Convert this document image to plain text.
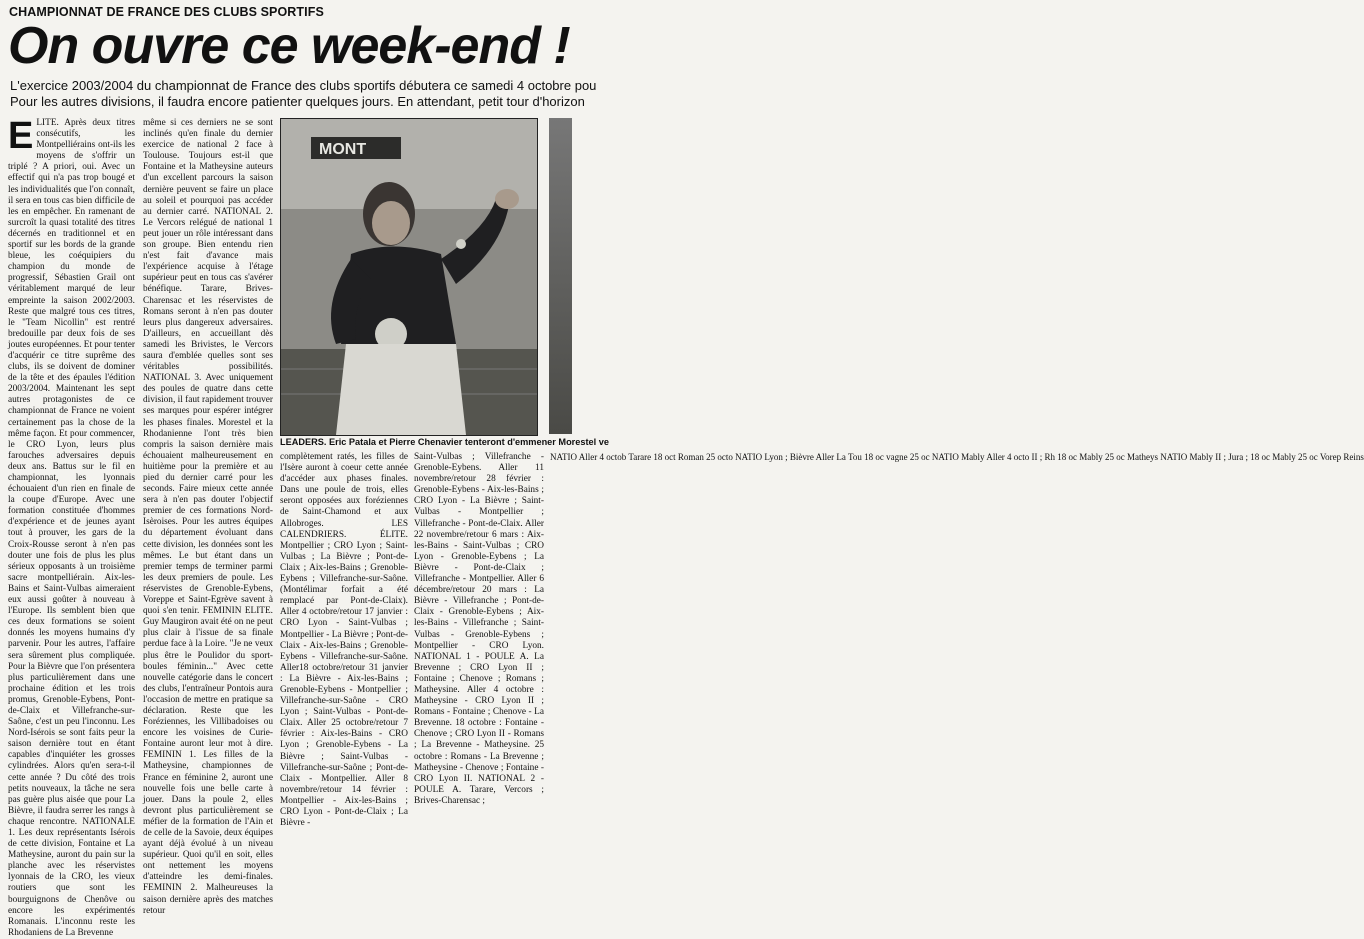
CHAMPIONNAT DE FRANCE DES CLUBS SPORTIFS
On ouvre ce week-end !
L'exercice 2003/2004 du championnat de France des clubs sportifs débutera ce samedi 4 octobre pou
Pour les autres divisions, il faudra encore patienter quelques jours. En attendant, petit tour d'horizon
E LITE. Après deux titres consécutifs, les Montpelliérains ont-ils les moyens de s'offrir un triplé ? A priori, oui. Avec un effectif qui n'a pas trop bougé et les individualités que l'on connaît, il sera en tous cas bien difficile de les en empêcher. En ramenant de surcroît la quasi totalité des titres décernés en traditionnel et en sportif sur les bords de la grande bleue, les coéquipiers du champion du monde de progressif, Sébastien Grail ont véritablement marqué de leur empreinte la saison 2002/2003. Reste que malgré tous ces titres, le "Team Nicollin" est rentré bredouille par deux fois de ses joutes européennes. Et pour tenter d'acquérir ce titre suprême des clubs, ils se doivent de dominer de la tête et des épaules l'édition 2003/2004. Maintenant les sept autres protagonistes de ce championnat de France ne voient certainement pas la chose de la même façon. Et pour commencer, le CRO Lyon, leurs plus farouches adversaires depuis deux ans. Battus sur le fil en championnat, les lyonnais échouaient d'un rien en finale de la coupe d'Europe. Avec une formation constituée d'hommes d'expérience et de jeunes ayant tout à prouver, les gars de la Croix-Rousse seront à n'en pas douter une fois de plus les plus sérieux opposants à un troisième sacre montpelliérain. Aix-les-Bains et Saint-Vulbas aimeraient eux aussi goûter à nouveau à l'Europe. Ils semblent bien que ces deux formations se soient donnés les moyens humains d'y parvenir. Pour les autres, l'affaire sera sûrement plus compliquée. Pour la Bièvre que l'on présentera plus particulièrement dans une prochaine édition et les trois promus, Grenoble-Eybens, Pont-de-Claix et Villefranche-sur-Saône, c'est un peu l'inconnu. Les Nord-Isérois se sont faits peur la saison dernière tout en étant capables d'inquiéter les grosses cylindrées. Alors qu'en sera-t-il cette année ? Du côté des trois petits nouveaux, la tâche ne sera pas guère plus aisée que pour La Bièvre, il faudra serrer les rangs à chaque rencontre. NATIONALE 1. Les deux représentants Isérois de cette division, Fontaine et La Matheysine, auront du pain sur la planche avec les réservistes lyonnais de la CRO, les vieux routiers que sont les bourguignons de Chenôve ou encore les expérimentés Romanais. L'inconnu reste les Rhodaniens de La Brevenne
même si ces derniers ne se sont inclinés qu'en finale du dernier exercice de national 2 face à Toulouse. Toujours est-il que Fontaine et la Matheysine auteurs d'un excellent parcours la saison dernière peuvent se faire un place au soleil et pourquoi pas accéder au dernier carré. NATIONAL 2. Le Vercors relégué de national 1 peut jouer un rôle intéressant dans son groupe. Bien entendu rien n'est fait d'avance mais l'expérience acquise à l'étage supérieur peut en tous cas s'avérer bénéfique. Tarare, Brives-Charensac et les réservistes de Romans seront à n'en pas douter leurs plus dangereux adversaires. D'ailleurs, en accueillant dès samedi les Brivistes, le Vercors saura d'emblée quelles sont ses véritables possibilités. NATIONAL 3. Avec uniquement des poules de quatre dans cette division, il faut rapidement trouver ses marques pour espérer intégrer les phases finales. Morestel et la Rhodanienne l'ont très bien compris la saison dernière mais échouaient malheureusement en huitième pour la première et au pied du dernier carré pour les seconds. Faire mieux cette année sera à n'en pas douter l'objectif premier de ces formations Nord-Isèroises. Pour les autres équipes du département évoluant dans cette division, les données sont les mêmes. Le but étant dans un premier temps de terminer parmi les deux premiers de poule. Les réservistes de Grenoble-Eybens, Voreppe et Saint-Egrève savent à quoi s'en tenir. FEMININ ELITE. Guy Maugiron avait été on ne peut plus clair à l'issue de sa finale perdue face à la Loire. "Je ne veux plus être le Poulidor du sport-boules féminin..." Avec cette nouvelle catégorie dans le concert des clubs, l'entraîneur Pontois aura l'occasion de mettre en pratique sa déclaration. Reste que les Foréziennes, les Villibadoises ou encore les voisines de Curie-Fontaine auront leur mot à dire. FEMININ 1. Les filles de la Matheysine, championnes de France en féminine 2, auront une nouvelle fois une belle carte à jouer. Dans la poule 2, elles devront plus particulièrement se méfier de la formation de l'Ain et de celle de la Savoie, deux équipes ayant déjà évolué à un niveau supérieur. Quoi qu'il en soit, elles ont nettement les moyens d'atteindre les demi-finales. FEMININ 2. Malheureuses la saison dernière après des matches retour
MONT
LEADERS. Eric Patala et Pierre Chenavier tenteront d'emmener Morestel ve
complètement ratés, les filles de l'Isère auront à coeur cette année d'accéder aux phases finales. Dans une poule de trois, elles seront opposées aux foréziennes de Saint-Chamond et aux Allobroges. LES CALENDRIERS. ÉLITE. Montpellier ; CRO Lyon ; Saint-Vulbas ; La Bièvre ; Pont-de-Claix ; Aix-les-Bains ; Grenoble-Eybens ; Villefranche-sur-Saône. (Montélimar forfait a été remplacé par Pont-de-Claix). Aller 4 octobre/retour 17 janvier : CRO Lyon - Saint-Vulbas ; Montpellier - La Bièvre ; Pont-de-Claix - Aix-les-Bains ; Grenoble-Eybens - Villefranche-sur-Saône. Aller18 octobre/retour 31 janvier : La Bièvre - Aix-les-Bains ; Grenoble-Eybens - Montpellier ; Villefranche-sur-Saône - CRO Lyon ; Saint-Vulbas - Pont-de-Claix. Aller 25 octobre/retour 7 février : Aix-les-Bains - CRO Lyon ; Grenoble-Eybens - La Bièvre ; Saint-Vulbas - Villefranche-sur-Saône ; Pont-de-Claix - Montpellier. Aller 8 novembre/retour 14 février : Montpellier - Aix-les-Bains ; CRO Lyon - Pont-de-Claix ; La Bièvre -
Saint-Vulbas ; Villefranche - Grenoble-Eybens. Aller 11 novembre/retour 28 février : Grenoble-Eybens - Aix-les-Bains ; CRO Lyon - La Bièvre ; Saint-Vulbas - Montpellier ; Villefranche - Pont-de-Claix. Aller 22 novembre/retour 6 mars : Aix-les-Bains - Saint-Vulbas ; CRO Lyon - Grenoble-Eybens ; La Bièvre - Pont-de-Claix ; Villefranche - Montpellier. Aller 6 décembre/retour 20 mars : La Bièvre - Villefranche ; Pont-de-Claix - Grenoble-Eybens ; Aix-les-Bains - Villefranche ; Saint-Vulbas - Grenoble-Eybens ; Montpellier - CRO Lyon. NATIONAL 1 - POULE A. La Brevenne ; CRO Lyon II ; Fontaine ; Chenove ; Romans ; Matheysine. Aller 4 octobre : Matheysine - CRO Lyon II ; Romans - Fontaine ; Chenove - La Brevenne. 18 octobre : Fontaine - Chenove ; CRO Lyon II - Romans ; La Brevenne - Matheysine. 25 octobre : Romans - La Brevenne ; Matheysine - Chenove ; Fontaine - CRO Lyon II. NATIONAL 2 - POULE A. Tarare, Vercors ; Brives-Charensac ;
NATIO Aller 4 octob Tarare 18 oct Roman 25 octo NATIO Lyon ; Bièvre Aller La Tou 18 oc vagne 25 oc NATIO Mably Aller 4 octo II ; Rh 18 oc Mably 25 oc Matheys NATIO Mably II ; Jura ; 18 oc Mably 25 oc Vorep Reins
